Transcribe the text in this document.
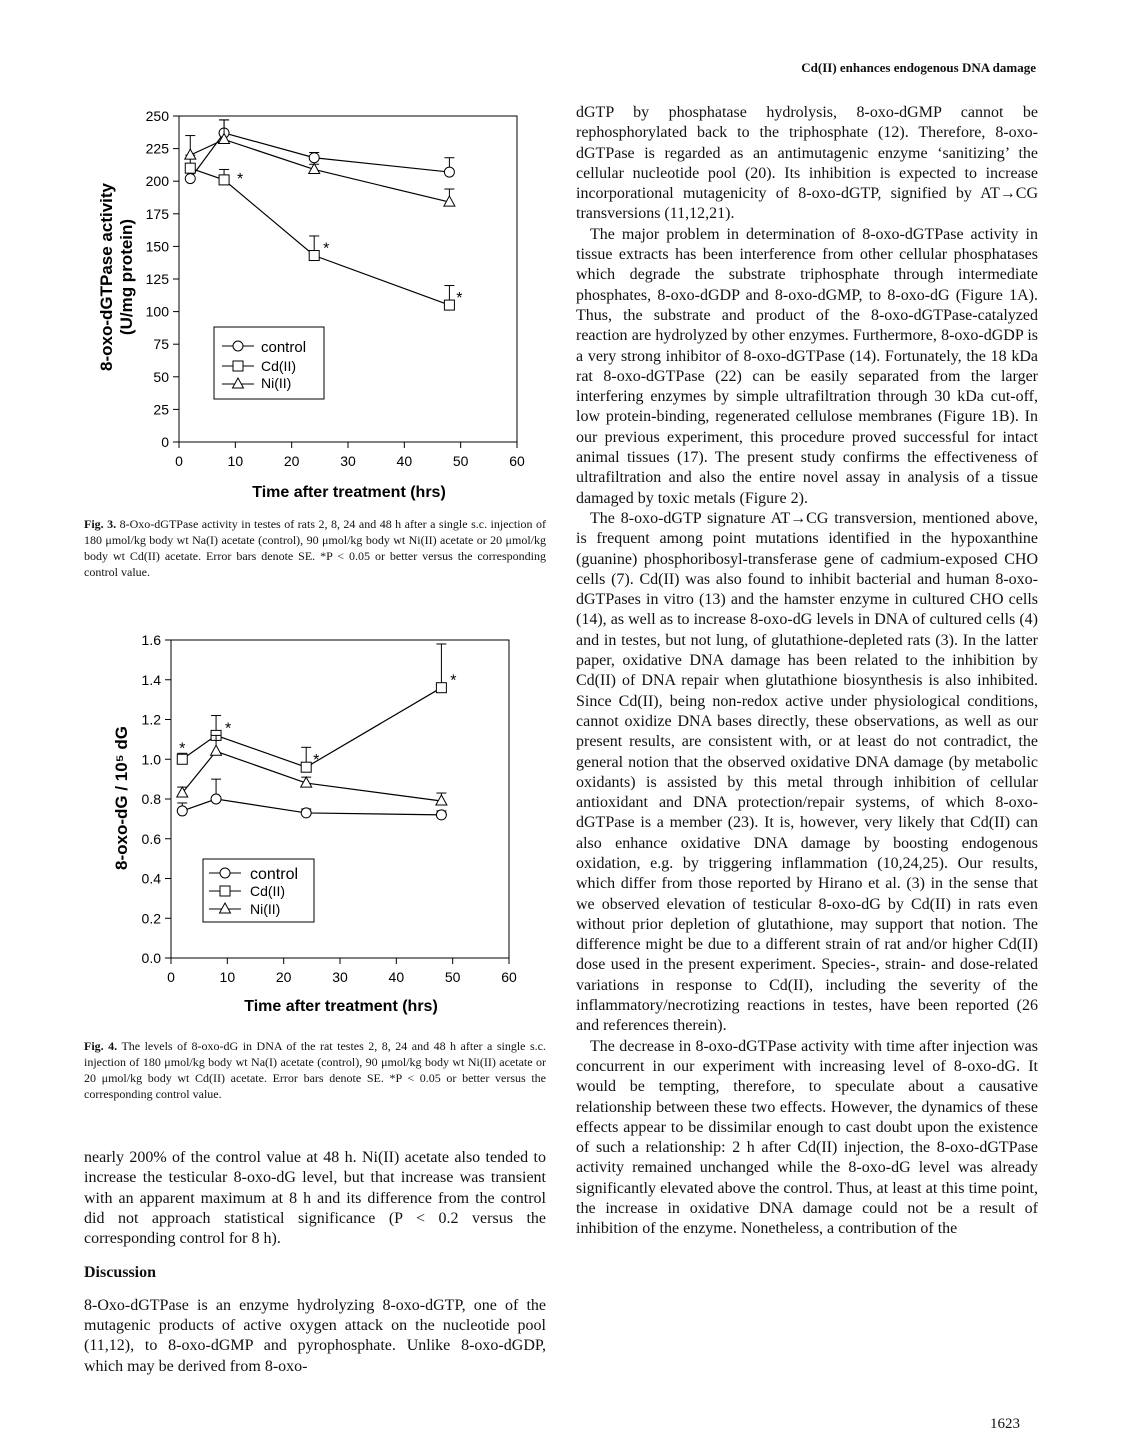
Cd(II) enhances endogenous DNA damage
0
25
50
75
100
125
150
175
200
225
250
0	10	20	30	40	50	60
*
*
*
8-oxo-dGTPase activity (U/mg protein)
Time after treatment (hrs)
control
Cd(II)
Ni(II)
Fig. 3. 8-Oxo-dGTPase activity in testes of rats 2, 8, 24 and 48 h after a single s.c. injection of 180 μmol/kg body wt Na(I) acetate (control), 90 μmol/kg body wt Ni(II) acetate or 20 μmol/kg body wt Cd(II) acetate. Error bars denote SE. *P < 0.05 or better versus the corresponding control value.
0.0
0.2
0.4
0.6
0.8
1.0
1.2
1.4
1.6
0	10	20	30	40	50	60
*
*
*
*
8-oxo-dG / 10⁵ dG
Time after treatment (hrs)
control
Cd(II)
Ni(II)
Fig. 4. The levels of 8-oxo-dG in DNA of the rat testes 2, 8, 24 and 48 h after a single s.c. injection of 180 μmol/kg body wt Na(I) acetate (control), 90 μmol/kg body wt Ni(II) acetate or 20 μmol/kg body wt Cd(II) acetate. Error bars denote SE. *P < 0.05 or better versus the corresponding control value.

nearly 200% of the control value at 48 h. Ni(II) acetate also tended to increase the testicular 8-oxo-dG level, but that increase was transient with an apparent maximum at 8 h and its difference from the control did not approach statistical significance (P < 0.2 versus the corresponding control for 8 h).

Discussion

8-Oxo-dGTPase is an enzyme hydrolyzing 8-oxo-dGTP, one of the mutagenic products of active oxygen attack on the nucleotide pool (11,12), to 8-oxo-dGMP and pyrophosphate. Unlike 8-oxo-dGDP, which may be derived from 8-oxo-

dGTP by phosphatase hydrolysis, 8-oxo-dGMP cannot be rephosphorylated back to the triphosphate (12). Therefore, 8-oxo-dGTPase is regarded as an antimutagenic enzyme ‘sanitizing’ the cellular nucleotide pool (20). Its inhibition is expected to increase incorporational mutagenicity of 8-oxo-dGTP, signified by AT→CG transversions (11,12,21).

The major problem in determination of 8-oxo-dGTPase activity in tissue extracts has been interference from other cellular phosphatases which degrade the substrate triphosphate through intermediate phosphates, 8-oxo-dGDP and 8-oxo-dGMP, to 8-oxo-dG (Figure 1A). Thus, the substrate and product of the 8-oxo-dGTPase-catalyzed reaction are hydrolyzed by other enzymes. Furthermore, 8-oxo-dGDP is a very strong inhibitor of 8-oxo-dGTPase (14). Fortunately, the 18 kDa rat 8-oxo-dGTPase (22) can be easily separated from the larger interfering enzymes by simple ultrafiltration through 30 kDa cut-off, low protein-binding, regenerated cellulose membranes (Figure 1B). In our previous experiment, this procedure proved successful for intact animal tissues (17). The present study confirms the effectiveness of ultrafiltration and also the entire novel assay in analysis of a tissue damaged by toxic metals (Figure 2).

The 8-oxo-dGTP signature AT→CG transversion, mentioned above, is frequent among point mutations identified in the hypoxanthine (guanine) phosphoribosyl-transferase gene of cadmium-exposed CHO cells (7). Cd(II) was also found to inhibit bacterial and human 8-oxo-dGTPases in vitro (13) and the hamster enzyme in cultured CHO cells (14), as well as to increase 8-oxo-dG levels in DNA of cultured cells (4) and in testes, but not lung, of glutathione-depleted rats (3). In the latter paper, oxidative DNA damage has been related to the inhibition by Cd(II) of DNA repair when glutathione biosynthesis is also inhibited. Since Cd(II), being non-redox active under physiological conditions, cannot oxidize DNA bases directly, these observations, as well as our present results, are consistent with, or at least do not contradict, the general notion that the observed oxidative DNA damage (by metabolic oxidants) is assisted by this metal through inhibition of cellular antioxidant and DNA protection/repair systems, of which 8-oxo-dGTPase is a member (23). It is, however, very likely that Cd(II) can also enhance oxidative DNA damage by boosting endogenous oxidation, e.g. by triggering inflammation (10,24,25). Our results, which differ from those reported by Hirano et al. (3) in the sense that we observed elevation of testicular 8-oxo-dG by Cd(II) in rats even without prior depletion of glutathione, may support that notion. The difference might be due to a different strain of rat and/or higher Cd(II) dose used in the present experiment. Species-, strain- and dose-related variations in response to Cd(II), including the severity of the inflammatory/necrotizing reactions in testes, have been reported (26 and references therein).

The decrease in 8-oxo-dGTPase activity with time after injection was concurrent in our experiment with increasing level of 8-oxo-dG. It would be tempting, therefore, to speculate about a causative relationship between these two effects. However, the dynamics of these effects appear to be dissimilar enough to cast doubt upon the existence of such a relationship: 2 h after Cd(II) injection, the 8-oxo-dGTPase activity remained unchanged while the 8-oxo-dG level was already significantly elevated above the control. Thus, at least at this time point, the increase in oxidative DNA damage could not be a result of inhibition of the enzyme. Nonetheless, a contribution of the

1623
